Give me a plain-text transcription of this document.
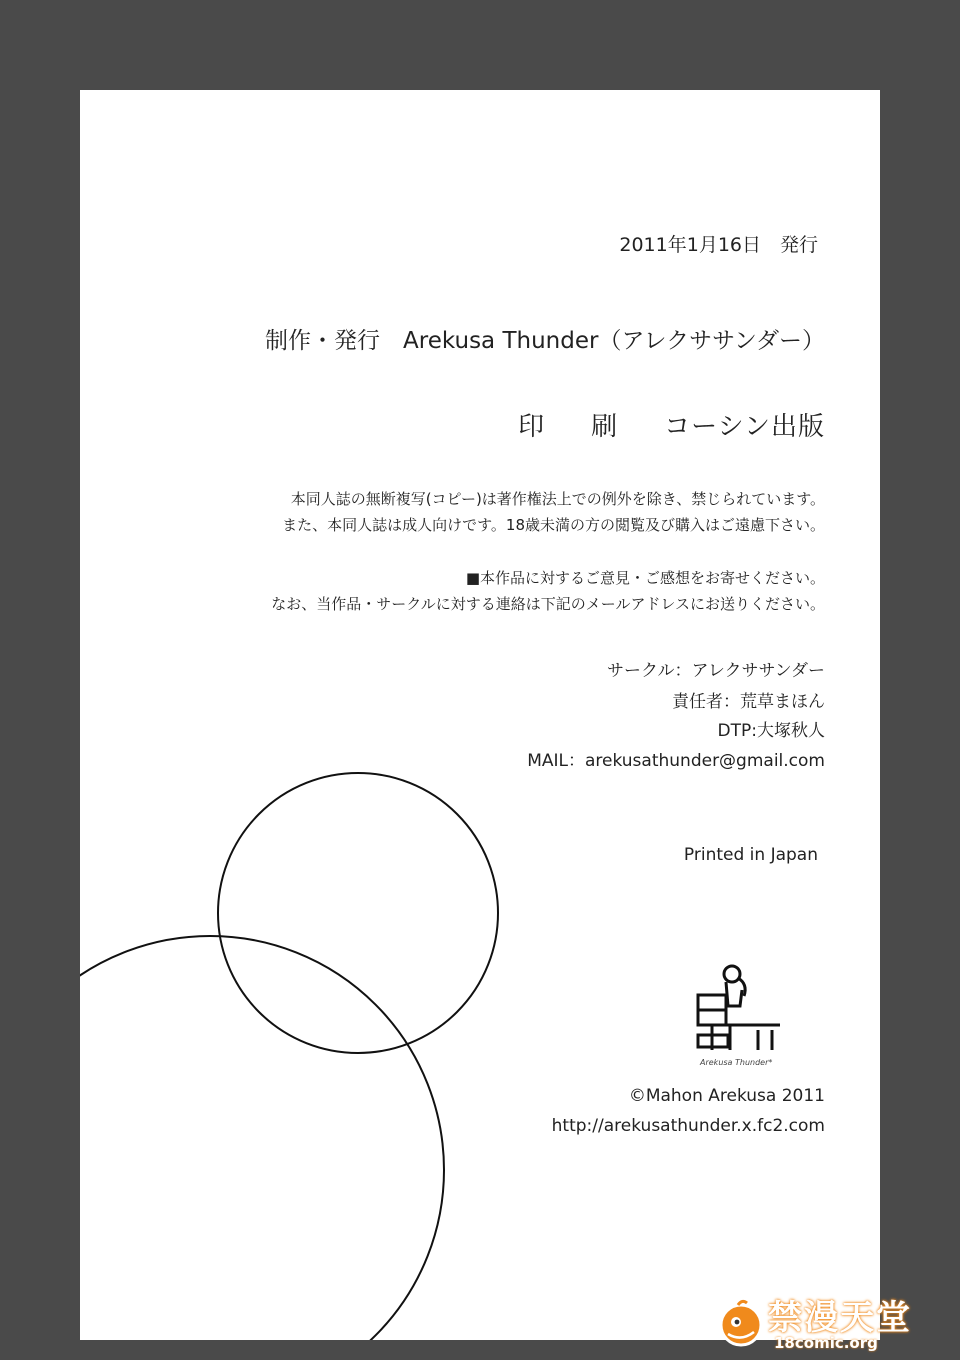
2011年1月16日　発行
制作・発行　Arekusa Thunder（アレクササンダー）
印 刷 コーシン出版
本同人誌の無断複写(コピー)は著作権法上での例外を除き、禁じられています。
また、本同人誌は成人向けです。18歳未満の方の閲覧及び購入はご遠慮下さい。
■本作品に対するご意見・ご感想をお寄せください。
なお、当作品・サークルに対する連絡は下記のメールアドレスにお送りください。
サークル：アレクササンダー
責任者：荒草まほん
DTP:大塚秋人
MAIL：arekusathunder@gmail.com
Printed in Japan
Arekusa Thunder*
©Mahon Arekusa 2011
http://arekusathunder.x.fc2.com
禁漫天堂
18comic.org
